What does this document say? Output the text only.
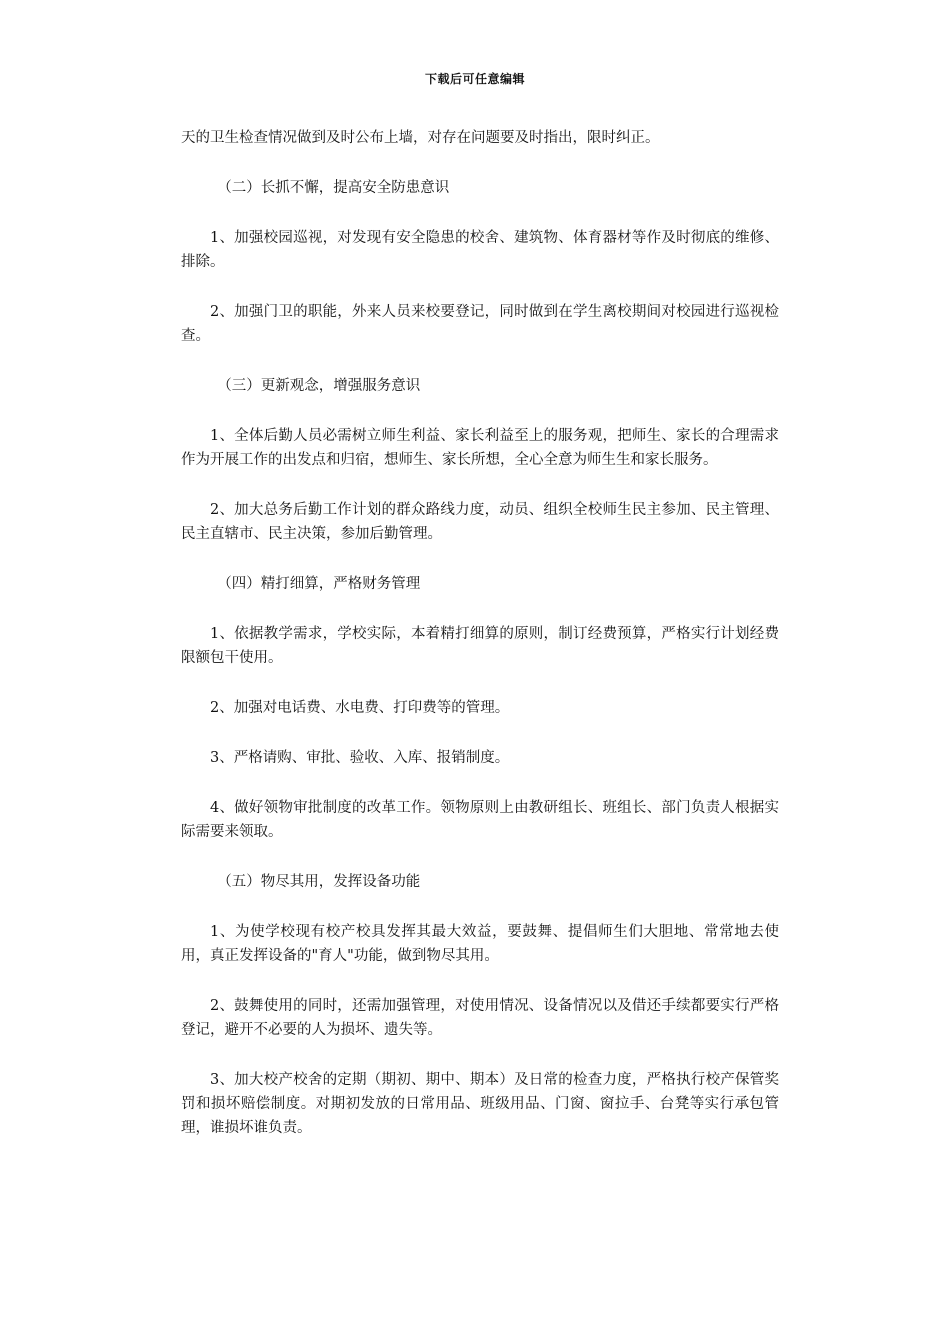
下载后可任意编辑

天的卫生检查情况做到及时公布上墙，对存在问题要及时指出，限时纠正。

（二）长抓不懈，提高安全防患意识

1、加强校园巡视，对发现有安全隐患的校舍、建筑物、体育器材等作及时彻底的维修、排除。

2、加强门卫的职能，外来人员来校要登记，同时做到在学生离校期间对校园进行巡视检查。

（三）更新观念，增强服务意识

1、全体后勤人员必需树立师生利益、家长利益至上的服务观，把师生、家长的合理需求作为开展工作的出发点和归宿，想师生、家长所想，全心全意为师生生和家长服务。

2、加大总务后勤工作计划的群众路线力度，动员、组织全校师生民主参加、民主管理、民主直辖市、民主决策，参加后勤管理。

（四）精打细算，严格财务管理

1、依据教学需求，学校实际，本着精打细算的原则，制订经费预算，严格实行计划经费限额包干使用。

2、加强对电话费、水电费、打印费等的管理。

3、严格请购、审批、验收、入库、报销制度。

4、做好领物审批制度的改革工作。领物原则上由教研组长、班组长、部门负责人根据实际需要来领取。

（五）物尽其用，发挥设备功能

1、为使学校现有校产校具发挥其最大效益，要鼓舞、提倡师生们大胆地、常常地去使用，真正发挥设备的"育人"功能，做到物尽其用。

2、鼓舞使用的同时，还需加强管理，对使用情况、设备情况以及借还手续都要实行严格登记，避开不必要的人为损坏、遗失等。

3、加大校产校舍的定期（期初、期中、期本）及日常的检查力度，严格执行校产保管奖罚和损坏赔偿制度。对期初发放的日常用品、班级用品、门窗、窗拉手、台凳等实行承包管理，谁损坏谁负责。
